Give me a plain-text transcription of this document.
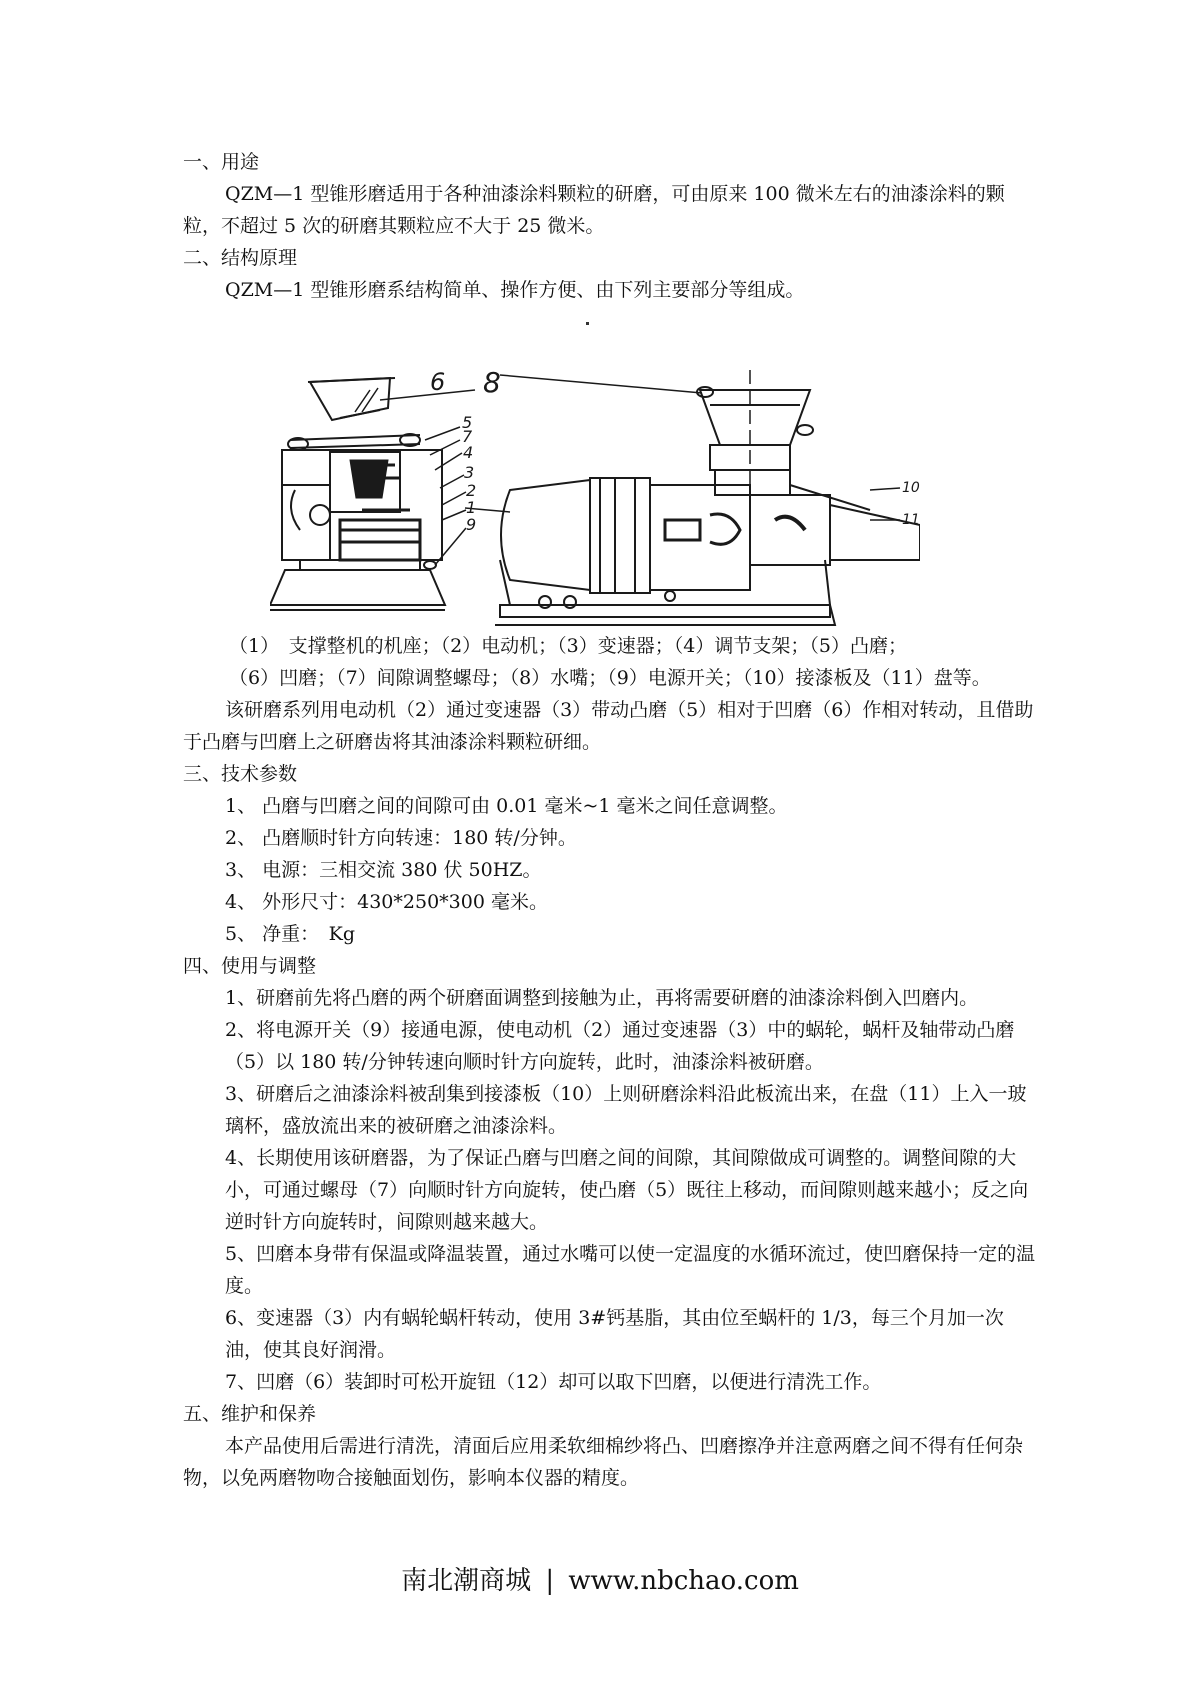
一、用途
QZM—1 型锥形磨适用于各种油漆涂料颗粒的研磨，可由原来 100 微米左右的油漆涂料的颗粒，不超过 5 次的研磨其颗粒应不大于 25 微米。
二、结构原理
QZM—1 型锥形磨系结构简单、操作方便、由下列主要部分等组成。
6 8
5
7
4
3
2
1
9
10
11
（1）　支撑整机的机座；（2）电动机；（3）变速器；（4）调节支架；（5）凸磨；
（6）凹磨；（7）间隙调整螺母；（8）水嘴；（9）电源开关；（10）接漆板及（11）盘等。
该研磨系列用电动机（2）通过变速器（3）带动凸磨（5）相对于凹磨（6）作相对转动，且借助于凸磨与凹磨上之研磨齿将其油漆涂料颗粒研细。
三、技术参数
1、 凸磨与凹磨之间的间隙可由 0.01 毫米~1 毫米之间任意调整。
2、 凸磨顺时针方向转速：180 转/分钟。
3、 电源：三相交流 380 伏 50HZ。
4、 外形尺寸：430*250*300 毫米。
5、 净重：　Kg
四、使用与调整
1、研磨前先将凸磨的两个研磨面调整到接触为止，再将需要研磨的油漆涂料倒入凹磨内。
2、将电源开关（9）接通电源，使电动机（2）通过变速器（3）中的蜗轮，蜗杆及轴带动凸磨（5）以 180 转/分钟转速向顺时针方向旋转，此时，油漆涂料被研磨。
3、研磨后之油漆涂料被刮集到接漆板（10）上则研磨涂料沿此板流出来，在盘（11）上入一玻璃杯，盛放流出来的被研磨之油漆涂料。
4、长期使用该研磨器，为了保证凸磨与凹磨之间的间隙，其间隙做成可调整的。调整间隙的大小，可通过螺母（7）向顺时针方向旋转，使凸磨（5）既往上移动，而间隙则越来越小；反之向逆时针方向旋转时，间隙则越来越大。
5、凹磨本身带有保温或降温装置，通过水嘴可以使一定温度的水循环流过，使凹磨保持一定的温度。
6、变速器（3）内有蜗轮蜗杆转动，使用 3#钙基脂，其由位至蜗杆的 1/3，每三个月加一次油，使其良好润滑。
7、凹磨（6）装卸时可松开旋钮（12）却可以取下凹磨，以便进行清洗工作。
五、维护和保养
本产品使用后需进行清洗，清面后应用柔软细棉纱将凸、凹磨擦净并注意两磨之间不得有任何杂物，以免两磨物吻合接触面划伤，影响本仪器的精度。
南北潮商城 | www.nbchao.com
